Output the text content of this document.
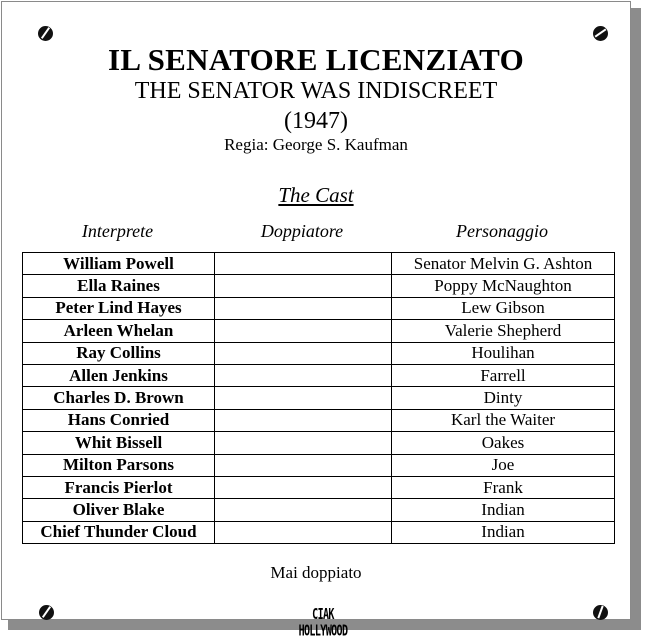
IL SENATORE LICENZIATO
THE SENATOR WAS INDISCREET
(1947)
Regia: George S. Kaufman
The Cast
Interprete	Doppiatore	Personaggio
William Powell		Senator Melvin G. Ashton
Ella Raines		Poppy McNaughton
Peter Lind Hayes		Lew Gibson
Arleen Whelan		Valerie Shepherd
Ray Collins		Houlihan
Allen Jenkins		Farrell
Charles D. Brown		Dinty
Hans Conried		Karl the Waiter
Whit Bissell		Oakes
Milton Parsons		Joe
Francis Pierlot		Frank
Oliver Blake		Indian
Chief Thunder Cloud		Indian
Mai doppiato
CIAK HOLLYWOOD
